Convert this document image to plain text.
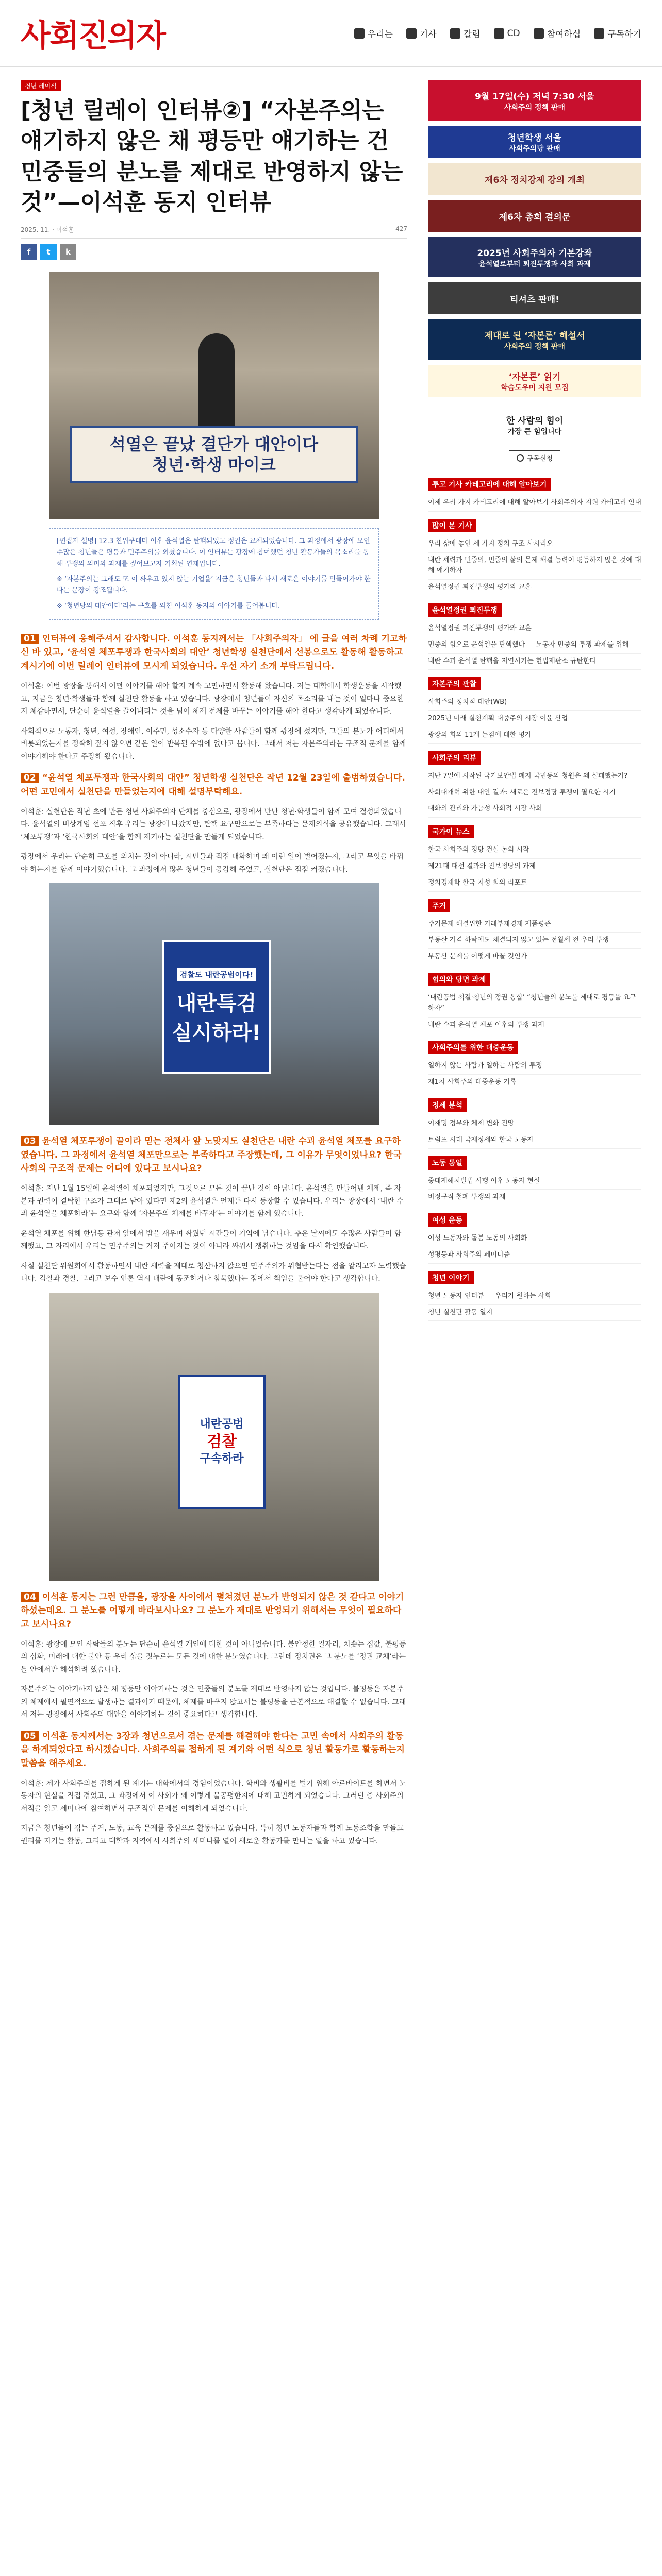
사회진의자	우리는	기사	칼럼	CD	참여하십	구독하기
청년 레이식
[청년 릴레이 인터뷰②] “자본주의는 얘기하지 않은 채 평등만 얘기하는 건 민중들의 분노를 제대로 반영하지 않는 것”—이석훈 동지 인터뷰
2025. 11. · 이석훈	427
f	t	k
석열은 끝났 결단가 대안이다
청년·학생 마이크

[편집자 설명] 12.3 친위쿠데타 이후 윤석열은 탄핵되었고 정권은 교체되었습니다. 그 과정에서 광장에 모인 수많은 청년들은 평등과 민주주의를 외쳤습니다. 이 인터뷰는 광장에 참여했던 청년 활동가들의 목소리를 통해 투쟁의 의미와 과제를 짚어보고자 기획된 연재입니다.

※ ‘자본주의는 그래도 또 이 싸우고 있지 않는 기업을’ 지금은 청년들과 다시 새로운 이야기를 만들어가야 한다는 문장이 강조됩니다.

※ ‘청년당의 대안이다’라는 구호를 외친 이석훈 동지의 이야기를 들어봅니다.

01 인터뷰에 응해주셔서 감사합니다. 이석훈 동지께서는 「사회주의자」 에 글을 여러 차례 기고하신 바 있고, ‘윤석열 체포투쟁과 한국사회의 대안’ 청년학생 실천단에서 선봉으로도 활동해 활동하고 계시기에 이번 릴레이 인터뷰에 모시게 되었습니다. 우선 자기 소개 부탁드립니다.

이석훈: 이번 광장을 통해서 어떤 이야기를 해야 할지 계속 고민하면서 활동해 왔습니다. 저는 대학에서 학생운동을 시작했고, 지금은 청년·학생들과 함께 실천단 활동을 하고 있습니다. 광장에서 청년들이 자신의 목소리를 내는 것이 얼마나 중요한지 체감하면서, 단순히 윤석열을 끌어내리는 것을 넘어 체제 전체를 바꾸는 이야기를 해야 한다고 생각하게 되었습니다.

사회적으로 노동자, 청년, 여성, 장애인, 이주민, 성소수자 등 다양한 사람들이 함께 광장에 섰지만, 그들의 분노가 어디에서 비롯되었는지를 정확히 짚지 않으면 같은 일이 반복될 수밖에 없다고 봅니다. 그래서 저는 자본주의라는 구조적 문제를 함께 이야기해야 한다고 주장해 왔습니다.

02 “윤석열 체포투쟁과 한국사회의 대안” 청년학생 실천단은 작년 12월 23일에 출범하였습니다. 어떤 고민에서 실천단을 만들었는지에 대해 설명부탁해요.

이석훈: 실천단은 작년 초에 만든 청년 사회주의자 단체를 중심으로, 광장에서 만난 청년·학생들이 함께 모여 결성되었습니다. 윤석열의 비상계엄 선포 직후 우리는 광장에 나갔지만, 탄핵 요구만으로는 부족하다는 문제의식을 공유했습니다. 그래서 ‘체포투쟁’과 ‘한국사회의 대안’을 함께 제기하는 실천단을 만들게 되었습니다.

광장에서 우리는 단순히 구호를 외치는 것이 아니라, 시민들과 직접 대화하며 왜 이런 일이 벌어졌는지, 그리고 무엇을 바꿔야 하는지를 함께 이야기했습니다. 그 과정에서 많은 청년들이 공감해 주었고, 실천단은 점점 커졌습니다.

검찰도 내란공범이다!
내란특검
실시하라!

03 윤석열 체포투쟁이 끝이라 믿는 전체사 앞 노맞지도 실천단은 내란 수괴 윤석열 체포를 요구하였습니다. 그 과정에서 윤석열 체포만으로는 부족하다고 주장했는데, 그 이유가 무엇이었나요? 한국 사회의 구조적 문제는 어디에 있다고 보시나요?

이석훈: 지난 1월 15일에 윤석열이 체포되었지만, 그것으로 모든 것이 끝난 것이 아닙니다. 윤석열을 만들어낸 체제, 즉 자본과 권력이 결탁한 구조가 그대로 남아 있다면 제2의 윤석열은 언제든 다시 등장할 수 있습니다. 우리는 광장에서 ‘내란 수괴 윤석열을 체포하라’는 요구와 함께 ‘자본주의 체제를 바꾸자’는 이야기를 함께 했습니다.

윤석열 체포를 위해 한남동 관저 앞에서 밤을 새우며 싸웠던 시간들이 기억에 남습니다. 추운 날씨에도 수많은 사람들이 함께했고, 그 자리에서 우리는 민주주의는 거저 주어지는 것이 아니라 싸워서 쟁취하는 것임을 다시 확인했습니다.

사실 실천단 위원회에서 활동하면서 내란 세력을 제대로 청산하지 않으면 민주주의가 위협받는다는 점을 알리고자 노력했습니다. 검찰과 경찰, 그리고 보수 언론 역시 내란에 동조하거나 침묵했다는 점에서 책임을 물어야 한다고 생각합니다.

내란공범
검찰
구속하라

04 이석훈 동지는 그런 만큼을, 광장을 사이에서 펼쳐졌던 분노가 반영되지 않은 것 같다고 이야기하셨는데요. 그 분노를 어떻게 바라보시나요? 그 분노가 제대로 반영되기 위해서는 무엇이 필요하다고 보시나요?

이석훈: 광장에 모인 사람들의 분노는 단순히 윤석열 개인에 대한 것이 아니었습니다. 불안정한 일자리, 치솟는 집값, 불평등의 심화, 미래에 대한 불안 등 우리 삶을 짓누르는 모든 것에 대한 분노였습니다. 그런데 정치권은 그 분노를 ‘정권 교체’라는 틀 안에서만 해석하려 했습니다.

자본주의는 이야기하지 않은 채 평등만 이야기하는 것은 민중들의 분노를 제대로 반영하지 않는 것입니다. 불평등은 자본주의 체제에서 필연적으로 발생하는 결과이기 때문에, 체제를 바꾸지 않고서는 불평등을 근본적으로 해결할 수 없습니다. 그래서 저는 광장에서 사회주의 대안을 이야기하는 것이 중요하다고 생각합니다.

05 이석훈 동지께서는 3장과 청년으로서 겪는 문제를 해결해야 한다는 고민 속에서 사회주의 활동을 하게되었다고 하시겠습니다. 사회주의를 접하게 된 계기와 어떤 식으로 청년 활동가로 활동하는지 말씀을 해주세요.

이석훈: 제가 사회주의를 접하게 된 계기는 대학에서의 경험이었습니다. 학비와 생활비를 벌기 위해 아르바이트를 하면서 노동자의 현실을 직접 겪었고, 그 과정에서 이 사회가 왜 이렇게 불공평한지에 대해 고민하게 되었습니다. 그러던 중 사회주의 서적을 읽고 세미나에 참여하면서 구조적인 문제를 이해하게 되었습니다.

지금은 청년들이 겪는 주거, 노동, 교육 문제를 중심으로 활동하고 있습니다. 특히 청년 노동자들과 함께 노동조합을 만들고 권리를 지키는 활동, 그리고 대학과 지역에서 사회주의 세미나를 열어 새로운 활동가를 만나는 일을 하고 있습니다.

9월 17일(수) 저녁 7:30 서울
사회주의 정책 판매
청년학생 서울
사회주의당 판매
제6차 정치강제 강의 개최
제6차 총회 결의문
2025년 사회주의자 기본강좌
윤석열로부터 퇴진투쟁과 사회 과제
티셔츠 판매!
제대로 된 ‘자본론’ 해설서
사회주의 정책 판매
‘자본론’ 읽기
학습도우미 지원 모집
한 사람의 힘이
가장 큰 힘입니다
구독신청
투고 기사 카테고리에 대해 알아보기
이제 우리 가지 카테고리에 대해 알아보기 사회주의자 지원 카테고리 안내
많이 본 기사
우리 삶에 놓인 세 가지 정치 구조 사시리오
내란 세력과 민중의, 민중의 삶의 문제 해결 능력이 평등하지 않은 것에 대해 얘기하자
윤석열정권 퇴진투쟁의 평가와 교훈
윤석열정권 퇴진투쟁
윤석열정권 퇴진투쟁의 평가와 교훈
민중의 힘으로 윤석열을 탄핵했다 — 노동자 민중의 투쟁 과제를 위해
내란 수괴 윤석열 탄핵을 지연시키는 헌법재판소 규탄한다
자본주의 관찰
사회주의 정치적 대안(WB)
2025년 미래 실천계획 대중주의 시장 이윤 산업
광장의 회의 11개 논점에 대한 평가
사회주의 리뷰
지난 7일에 시작된 국가보안법 폐지 국민동의 청원은 왜 실패했는가?
사회대개혁 위한 대안 결과: 새로운 진보정당 투쟁이 필요한 시기
대화의 관리와 가능성 사회적 시장 사회
국가이 뉴스
한국 사회주의 정당 건설 논의 시작
제21대 대선 결과와 진보정당의 과제
정치경제학 한국 지성 회의 리포트
주거
주거문제 해결위한 거래부재경제 제품평준
부동산 가격 하락에도 체결되지 않고 있는 전월세 전 우리 투쟁
부동산 문제를 어떻게 바꿀 것인가
협의와 당면 과제
‘내란공범 척결·청년의 정권 통합’ “청년들의 분노를 제대로 평등을 요구하자”
내란 수괴 윤석열 체포 이후의 투쟁 과제
사회주의를 위한 대중운동
일하지 않는 사람과 일하는 사람의 투쟁
제1차 사회주의 대중운동 기록
정세 분석
이재명 정부와 체제 변화 전망
트럼프 시대 국제정세와 한국 노동자
노동 통일
중대재해처벌법 시행 이후 노동자 현실
비정규직 철폐 투쟁의 과제
여성 운동
여성 노동자와 돌봄 노동의 사회화
성평등과 사회주의 페미니즘
청년 이야기
청년 노동자 인터뷰 — 우리가 원하는 사회
청년 실천단 활동 일지
